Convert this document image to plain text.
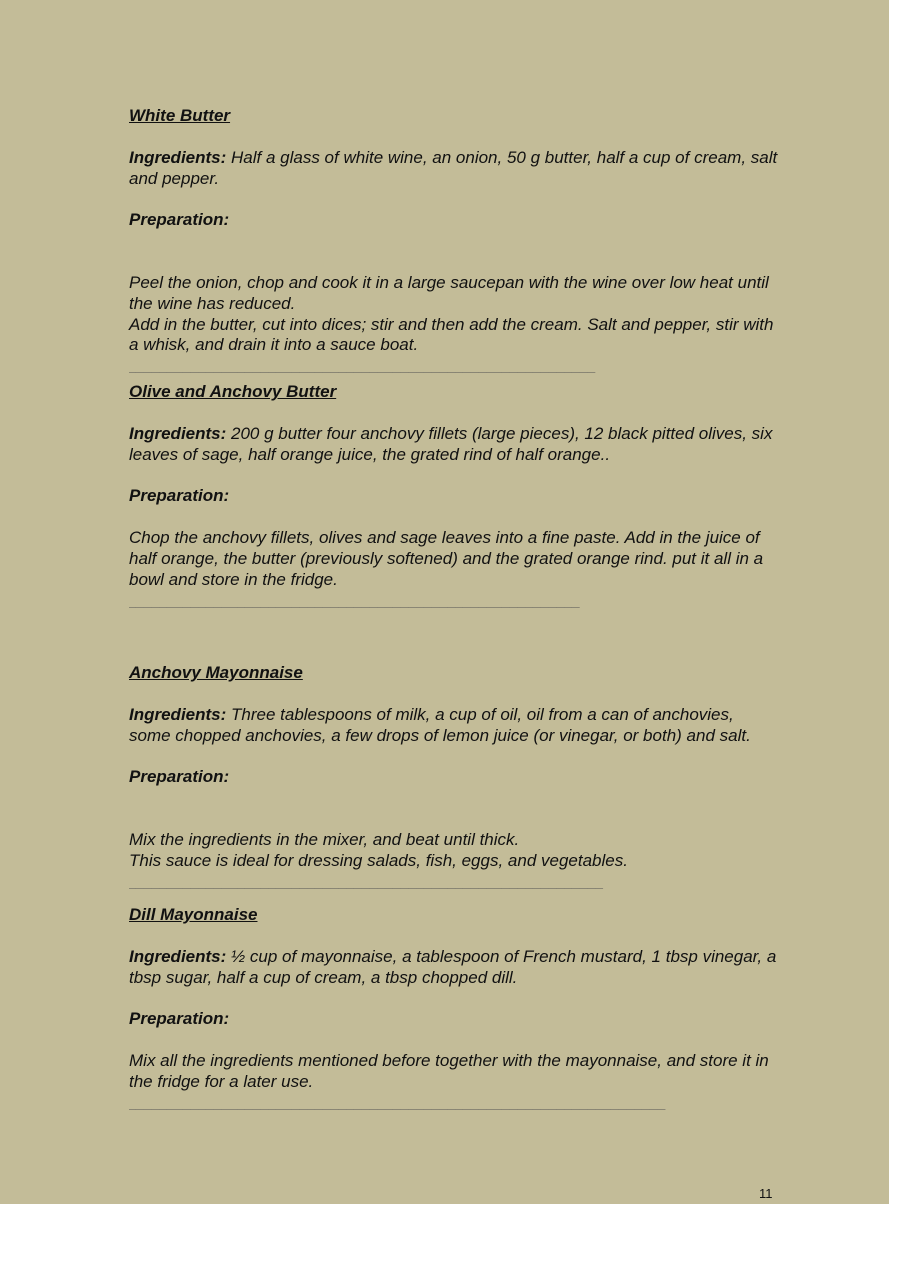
White Butter
Ingredients: Half a glass of white wine, an onion, 50 g butter, half a cup of cream, salt and pepper.
Preparation:

Peel the onion, chop and cook it in a large saucepan with the wine over low heat until the wine has reduced.
Add in the butter, cut into dices; stir and then add the cream. Salt and pepper, stir with a whisk, and drain it into a sauce boat.

____________________________________________________________
Olive and Anchovy Butter
Ingredients: 200 g butter four anchovy fillets (large pieces), 12 black pitted olives, six leaves of sage, half orange juice, the grated rind of half orange..
Preparation:
Chop the anchovy fillets, olives and sage leaves into a fine paste. Add in the juice of half orange, the butter (previously softened) and the grated orange rind. put it all in a bowl and store in the fridge.
__________________________________________________________
Anchovy Mayonnaise
Ingredients: Three tablespoons of milk, a cup of oil, oil from a can of anchovies, some chopped anchovies, a few drops of lemon juice (or vinegar, or both) and salt.
Preparation:

Mix the ingredients in the mixer, and beat until thick.
This sauce is ideal for dressing salads, fish, eggs, and vegetables.

_____________________________________________________________
Dill Mayonnaise
Ingredients: ½ cup of mayonnaise, a tablespoon of French mustard, 1 tbsp vinegar, a tbsp sugar, half a cup of cream, a tbsp chopped dill.
Preparation:
Mix all the ingredients mentioned before together with the mayonnaise, and store it in the fridge for a later use.
_____________________________________________________________________
11
